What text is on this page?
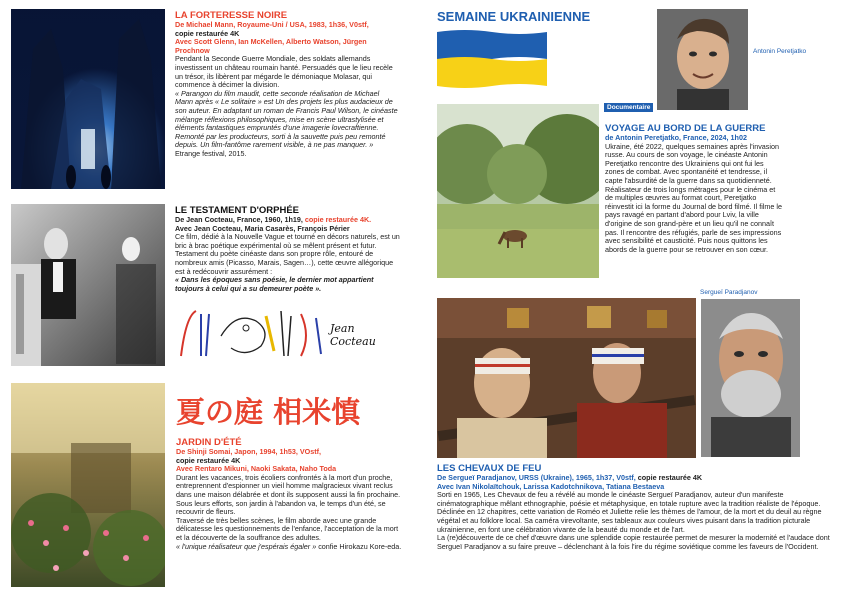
LA FORTERESSE NOIRE
De Michael Mann, Royaume-Uni / USA, 1983, 1h36, V0stf,
copie restaurée 4K
Avec Scott Glenn, Ian McKellen, Alberto Watson, Jürgen Prochnow
Pendant la Seconde Guerre Mondiale, des soldats allemands investissent un château roumain hanté. Persuadés que le lieu recèle un trésor, ils libèrent par mégarde le démoniaque Molasar, qui commence à décimer la division.
« Parangon du film maudit, cette seconde réalisation de Michael Mann après « Le solitaire » est Un des projets les plus audacieux de son auteur. En adaptant un roman de Francis Paul Wilson, le cinéaste mélange réflexions philosophiques, mise en scène ultrastylisée et éléments fantastiques empruntés d'une imagerie lovecraftienne. Remonté par les producteurs, sorti à la sauvette puis peu remonté depuis. Un film-fantôme rarement visible, à ne pas manquer. » Etrange festival, 2015.
LE TESTAMENT D'ORPHÉE
De Jean Cocteau, France, 1960, 1h19, copie restaurée 4K.
Avec Jean Cocteau, Maria Casarès, François Périer
Ce film, dédié à la Nouvelle Vague et tourné en décors naturels, est un bric à brac poétique expérimental où se mêlent présent et futur.
Testament du poète cinéaste dans son propre rôle, entouré de nombreux amis (Picasso, Marais, Sagen…), cette œuvre allégorique est à redécouvrir assurément :
« Dans les époques sans poésie, le dernier mot appartient toujours à celui qui a su demeurer poète ».
Jean Cocteau
夏の庭 相米慎
JARDIN D'ÉTÉ
De Shinji Somai, Japon, 1994, 1h53, VOstf,
copie restaurée 4K
Avec Rentaro Mikuni, Naoki Sakata, Naho Toda
Durant les vacances, trois écoliers confrontés à la mort d'un proche, entreprennent d'espionner un vieil homme malgracieux vivant reclus dans une maison délabrée et dont ils supposent aussi la fin prochaine. Sous leurs efforts, son jardin à l'abandon va, le temps d'un été, se recouvrir de fleurs.
Traversé de très belles scènes, le film aborde avec une grande délicatesse les questionnements de l'enfance, l'acceptation de la mort et la découverte de la souffrance des adultes.
« l'unique réalisateur que j'espérais égaler » confie Hirokazu Kore-eda.
SEMAINE UKRAINIENNE
Antonin Peretjatko
Documentaire
VOYAGE AU BORD DE LA GUERRE
de Antonin Peretjatko, France, 2024, 1h02
Ukraine, été 2022, quelques semaines après l'invasion russe. Au cours de son voyage, le cinéaste Antonin Peretjatko rencontre des Ukrainiens qui ont fui les zones de combat. Avec spontanéité et tendresse, il capte l'absurdité de la guerre dans sa quotidienneté. Réalisateur de trois longs métrages pour le cinéma et de multiples œuvres au format court, Peretjatko réinvestit ici la forme du Journal de bord filmé. Il filme le pays ravagé en partant d'abord pour Lviv, la ville d'origine de son grand-père et un lieu qu'il ne connaît pas. Il rencontre des réfugiés, parle de ses impressions avec sensibilité et causticité. Puis nous quittons les abords de la guerre pour se retrouver en son cœur.
Sergueï Paradjanov
LES CHEVAUX DE FEU
De Sergueï Paradjanov, URSS (Ukraine), 1965, 1h37, V0stf, copie restaurée 4K
Avec Ivan Nikolaïtchouk, Larissa Kadotchnikova, Tatiana Bestaeva
Sorti en 1965, Les Chevaux de feu a révélé au monde le cinéaste Sergueï Paradjanov, auteur d'un manifeste cinématographique mêlant ethnographie, poésie et métaphysique, en totale rupture avec la tradition réaliste de l'époque. Déclinée en 12 chapitres, cette variation de Roméo et Juliette relie les thèmes de l'amour, de la mort et du deuil au règne végétal et au folklore local. Sa caméra virevoltante, ses tableaux aux couleurs vives puisant dans la tradition picturale ukrainienne, en font une célébration vivante de la beauté du monde et de l'art.
La (re)découverte de ce chef d'œuvre dans une splendide copie restaurée permet de mesurer la modernité et l'audace dont Sergueï Paradjanov a su faire preuve – déclenchant à la fois l'ire du régime soviétique comme les faveurs de l'Occident.
